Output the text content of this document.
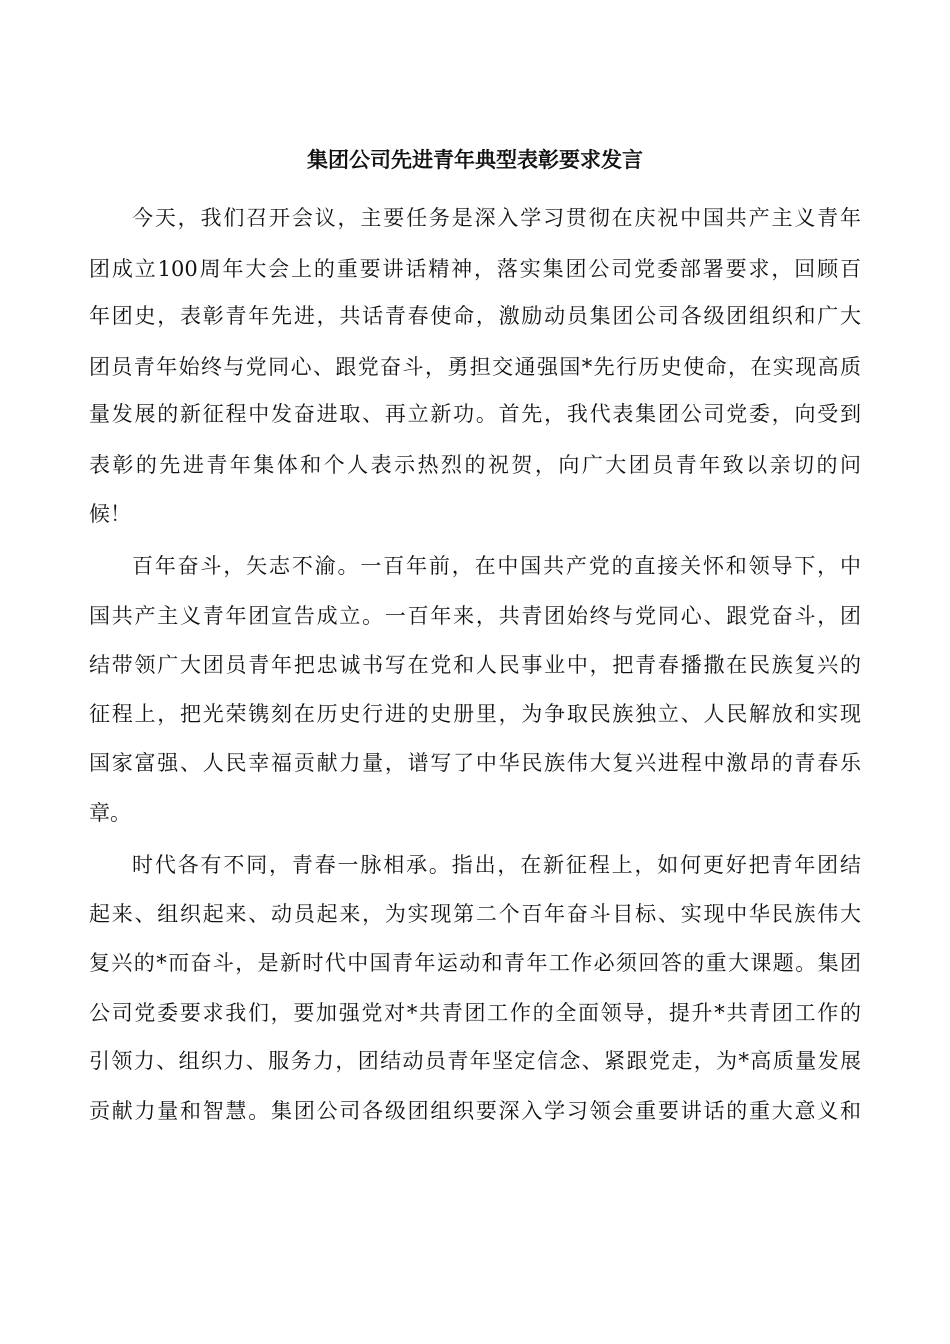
集团公司先进青年典型表彰要求发言

今天，我们召开会议，主要任务是深入学习贯彻在庆祝中国共产主义青年

团成立100周年大会上的重要讲话精神，落实集团公司党委部署要求，回顾百

年团史，表彰青年先进，共话青春使命，激励动员集团公司各级团组织和广大

团员青年始终与党同心、跟党奋斗，勇担交通强国*先行历史使命，在实现高质

量发展的新征程中发奋进取、再立新功。首先，我代表集团公司党委，向受到

表彰的先进青年集体和个人表示热烈的祝贺，向广大团员青年致以亲切的问

候！

百年奋斗，矢志不渝。一百年前，在中国共产党的直接关怀和领导下，中

国共产主义青年团宣告成立。一百年来，共青团始终与党同心、跟党奋斗，团

结带领广大团员青年把忠诚书写在党和人民事业中，把青春播撒在民族复兴的

征程上，把光荣镌刻在历史行进的史册里，为争取民族独立、人民解放和实现

国家富强、人民幸福贡献力量，谱写了中华民族伟大复兴进程中激昂的青春乐

章。

时代各有不同，青春一脉相承。指出，在新征程上，如何更好把青年团结

起来、组织起来、动员起来，为实现第二个百年奋斗目标、实现中华民族伟大

复兴的*而奋斗，是新时代中国青年运动和青年工作必须回答的重大课题。集团

公司党委要求我们，要加强党对*共青团工作的全面领导，提升*共青团工作的

引领力、组织力、服务力，团结动员青年坚定信念、紧跟党走，为*高质量发展

贡献力量和智慧。集团公司各级团组织要深入学习领会重要讲话的重大意义和
